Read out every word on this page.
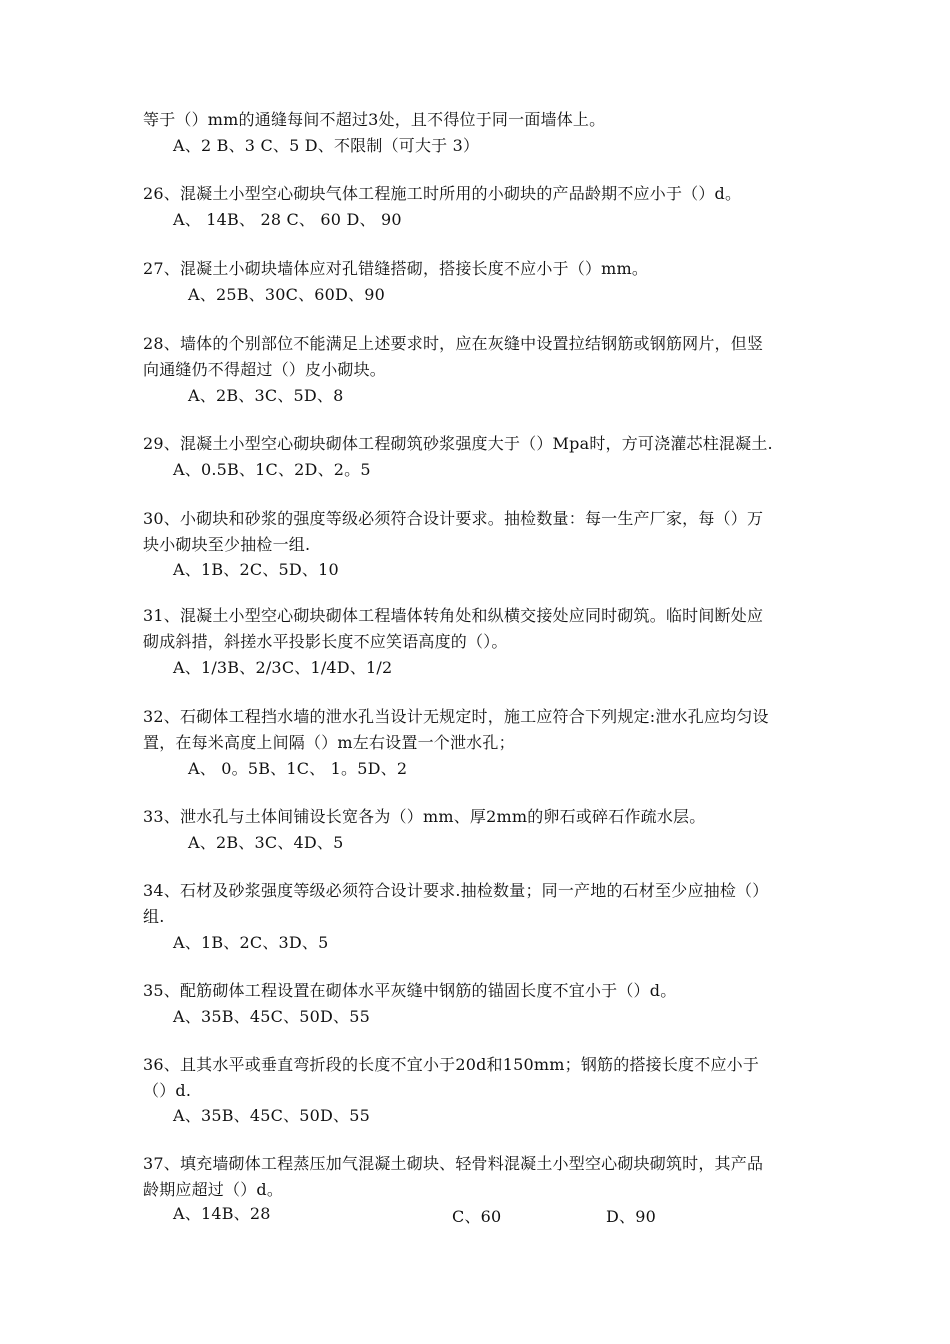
等于（）mm的通缝每间不超过3处，且不得位于同一面墙体上。
A、2 B、3 C、5 D、不限制（可大于 3）
26、混凝土小型空心砌块气体工程施工时所用的小砌块的产品龄期不应小于（）d。
A、 14B、 28 C、 60 D、 90
27、混凝土小砌块墙体应对孔错缝搭砌，搭接长度不应小于（）mm。
A、25B、30C、60D、90
28、墙体的个别部位不能满足上述要求时，应在灰缝中设置拉结钢筋或钢筋网片，但竖
向通缝仍不得超过（）皮小砌块。
A、2B、3C、5D、8
29、混凝土小型空心砌块砌体工程砌筑砂浆强度大于（）Mpa时，方可浇灌芯柱混凝土.
A、0.5B、1C、2D、2。5
30、小砌块和砂浆的强度等级必须符合设计要求。抽检数量：每一生产厂家，每（）万
块小砌块至少抽检一组.
A、1B、2C、5D、10
31、混凝土小型空心砌块砌体工程墙体转角处和纵横交接处应同时砌筑。临时间断处应
砌成斜措，斜搓水平投影长度不应笑语高度的（）。
A、1/3B、2/3C、1/4D、1/2
32、石砌体工程挡水墙的泄水孔当设计无规定时，施工应符合下列规定:泄水孔应均匀设
置，在每米高度上间隔（）m左右设置一个泄水孔；
A、 0。5B、1C、 1。5D、2
33、泄水孔与土体间铺设长宽各为（）mm、厚2mm的卵石或碎石作疏水层。
A、2B、3C、4D、5
34、石材及砂浆强度等级必须符合设计要求.抽检数量；同一产地的石材至少应抽检（）
组.
A、1B、2C、3D、5
35、配筋砌体工程设置在砌体水平灰缝中钢筋的锚固长度不宜小于（）d。
A、35B、45C、50D、55
36、且其水平或垂直弯折段的长度不宜小于20d和150mm；钢筋的搭接长度不应小于
（）d.
A、35B、45C、50D、55
37、填充墙砌体工程蒸压加气混凝土砌块、轻骨料混凝土小型空心砌块砌筑时，其产品
龄期应超过（）d。
A、14B、28	C、60	D、90
